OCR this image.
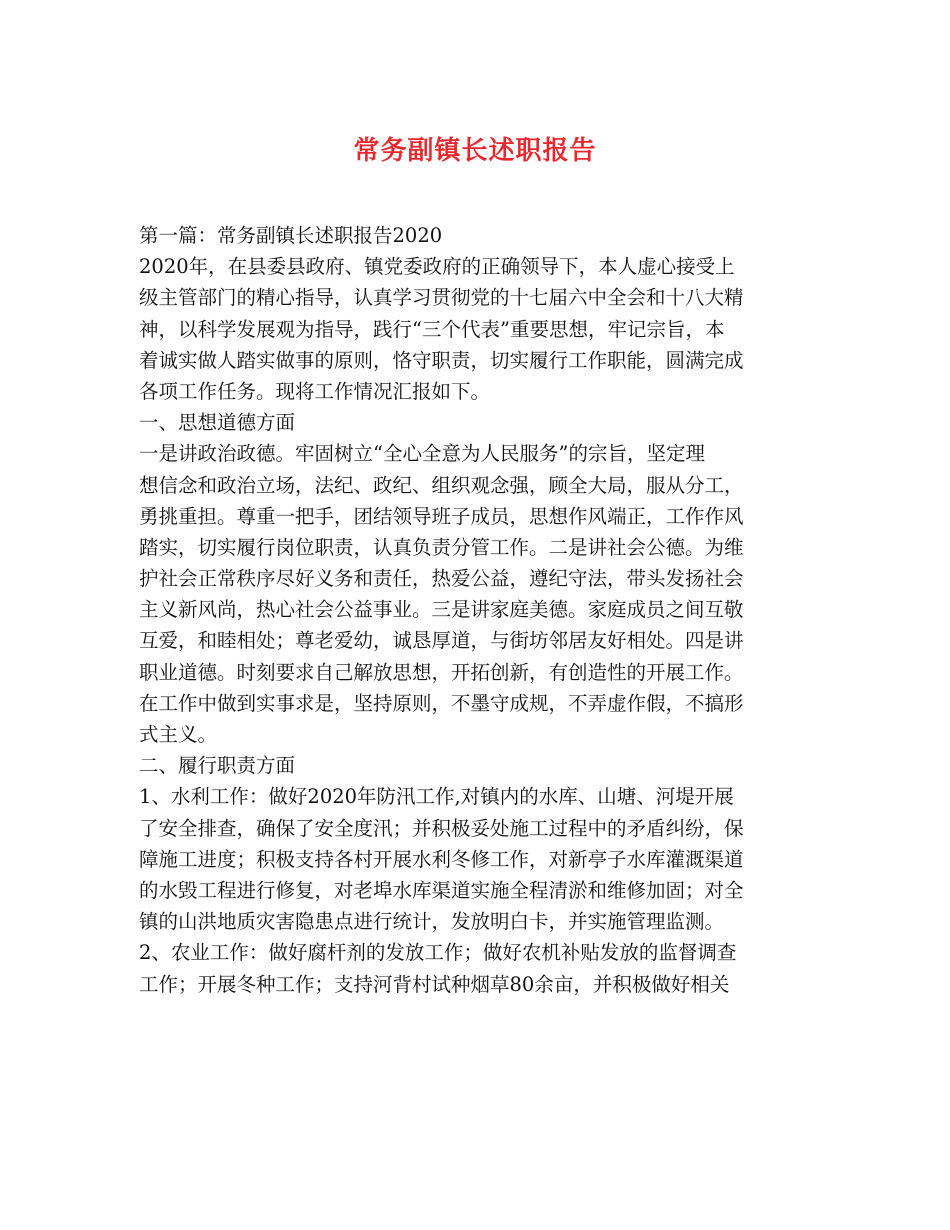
常务副镇长述职报告
第一篇：常务副镇长述职报告2020
2020年，在县委县政府、镇党委政府的正确领导下，本人虚心接受上
级主管部门的精心指导，认真学习贯彻党的十七届六中全会和十八大精
神，以科学发展观为指导，践行“三个代表”重要思想，牢记宗旨，本
着诚实做人踏实做事的原则，恪守职责，切实履行工作职能，圆满完成
各项工作任务。现将工作情况汇报如下。
一、思想道德方面
一是讲政治政德。牢固树立“全心全意为人民服务”的宗旨，坚定理
想信念和政治立场，法纪、政纪、组织观念强，顾全大局，服从分工，
勇挑重担。尊重一把手，团结领导班子成员，思想作风端正，工作作风
踏实，切实履行岗位职责，认真负责分管工作。二是讲社会公德。为维
护社会正常秩序尽好义务和责任，热爱公益，遵纪守法，带头发扬社会
主义新风尚，热心社会公益事业。三是讲家庭美德。家庭成员之间互敬
互爱，和睦相处；尊老爱幼，诚恳厚道，与街坊邻居友好相处。四是讲
职业道德。时刻要求自己解放思想，开拓创新，有创造性的开展工作。
在工作中做到实事求是，坚持原则，不墨守成规，不弄虚作假，不搞形
式主义。
二、履行职责方面
1、水利工作：做好2020年防汛工作,对镇内的水库、山塘、河堤开展
了安全排查，确保了安全度汛；并积极妥处施工过程中的矛盾纠纷，保
障施工进度；积极支持各村开展水利冬修工作，对新亭子水库灌溉渠道
的水毁工程进行修复，对老埠水库渠道实施全程清淤和维修加固；对全
镇的山洪地质灾害隐患点进行统计，发放明白卡，并实施管理监测。
2、农业工作：做好腐杆剂的发放工作；做好农机补贴发放的监督调查
工作；开展冬种工作；支持河背村试种烟草80余亩，并积极做好相关
